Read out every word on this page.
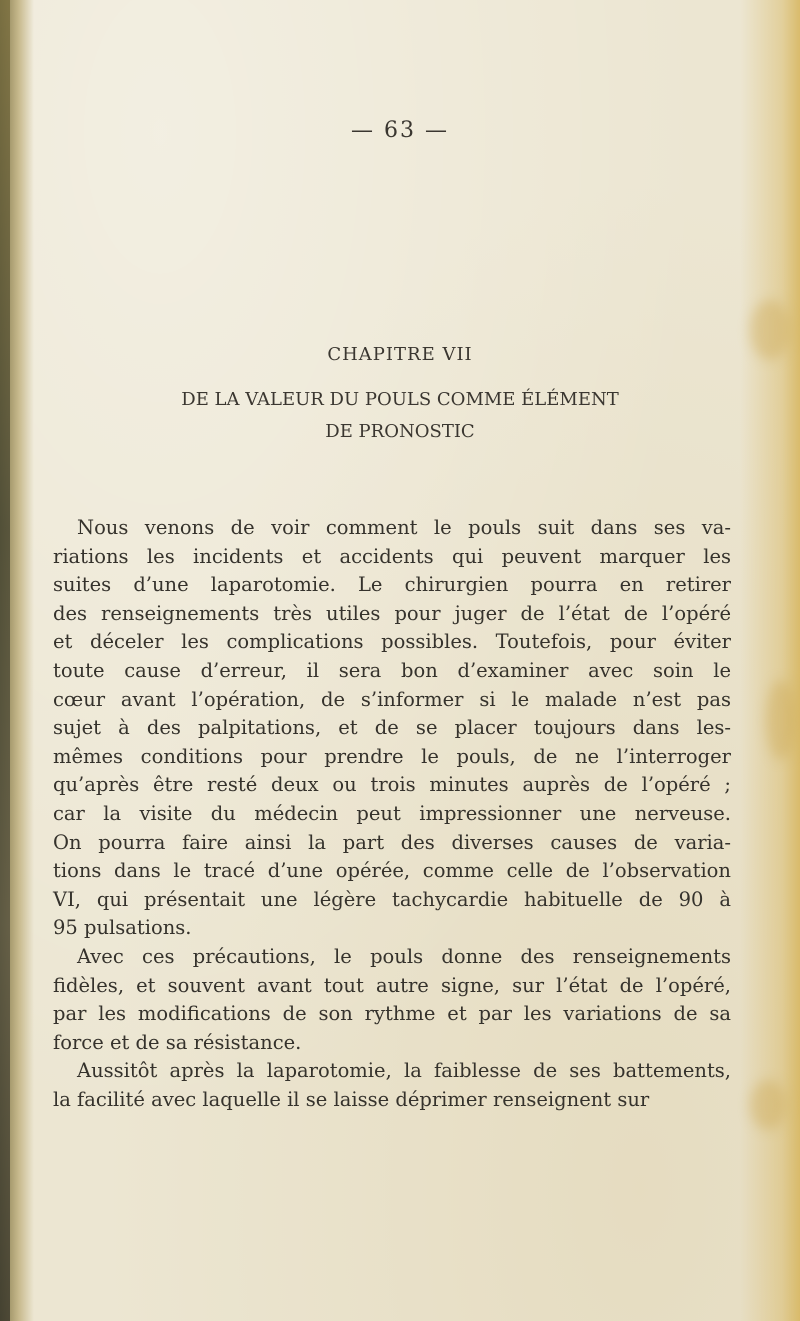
— 63 —
CHAPITRE VII
DE LA VALEUR DU POULS COMME ÉLÉMENT
DE PRONOSTIC
Nous venons de voir comment le pouls suit dans ses va-
riations les incidents et accidents qui peuvent marquer les
suites d’une laparotomie. Le chirurgien pourra en retirer
des renseignements très utiles pour juger de l’état de l’opéré
et déceler les complications possibles. Toutefois, pour éviter
toute cause d’erreur, il sera bon d’examiner avec soin le
cœur avant l’opération, de s’informer si le malade n’est pas
sujet à des palpitations, et de se placer toujours dans les-
mêmes conditions pour prendre le pouls, de ne l’interroger
qu’après être resté deux ou trois minutes auprès de l’opéré ;
car la visite du médecin peut impressionner une nerveuse.
On pourra faire ainsi la part des diverses causes de varia-
tions dans le tracé d’une opérée, comme celle de l’observation
VI, qui présentait une légère tachycardie habituelle de 90 à
95 pulsations.
Avec ces précautions, le pouls donne des renseignements
fidèles, et souvent avant tout autre signe, sur l’état de l’opéré,
par les modifications de son rythme et par les variations de sa
force et de sa résistance.
Aussitôt après la laparotomie, la faiblesse de ses battements,
la facilité avec laquelle il se laisse déprimer renseignent sur
